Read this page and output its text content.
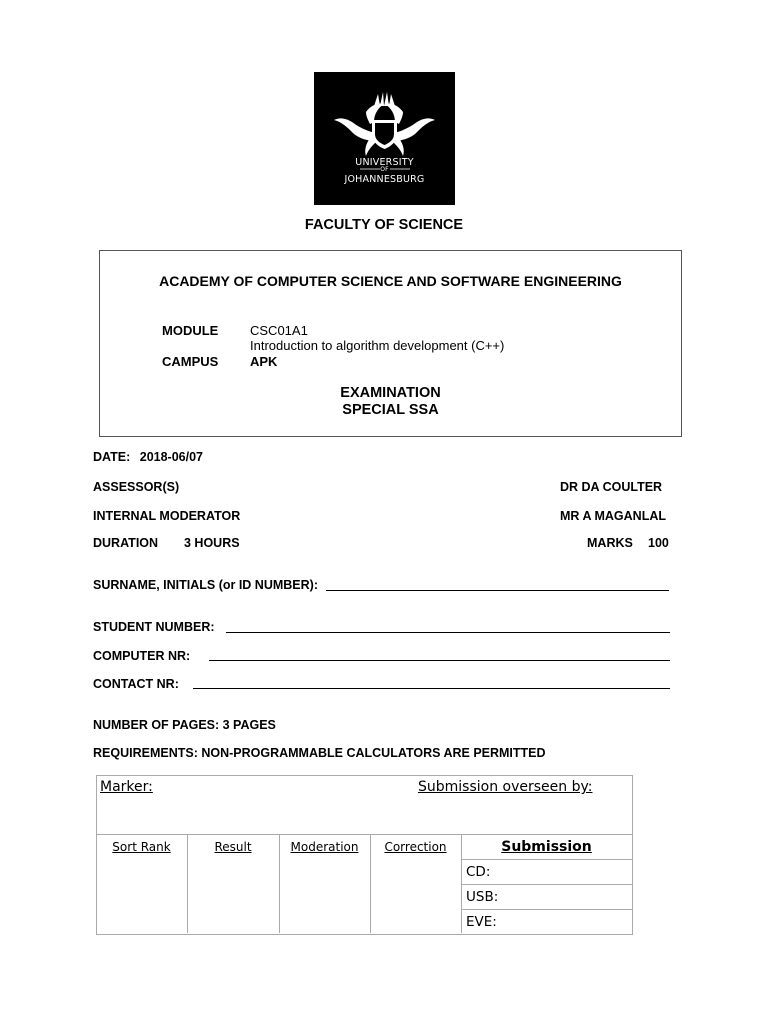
UNIVERSITY
OF
JOHANNESBURG
FACULTY OF SCIENCE
ACADEMY OF COMPUTER SCIENCE AND SOFTWARE ENGINEERING
MODULE CSC01A1
Introduction to algorithm development (C++)
CAMPUS APK
EXAMINATION
SPECIAL SSA
DATE: 2018-06/07
ASSESSOR(S)	DR DA COULTER
INTERNAL MODERATOR	MR A MAGANLAL
DURATION 3 HOURS	MARKS 100
SURNAME, INITIALS (or ID NUMBER):
STUDENT NUMBER:
COMPUTER NR:
CONTACT NR:
NUMBER OF PAGES: 3 PAGES
REQUIREMENTS: NON-PROGRAMMABLE CALCULATORS ARE PERMITTED
Marker:	Submission overseen by:
Sort Rank	Result	Moderation	Correction	Submission
CD:
USB:
EVE:
